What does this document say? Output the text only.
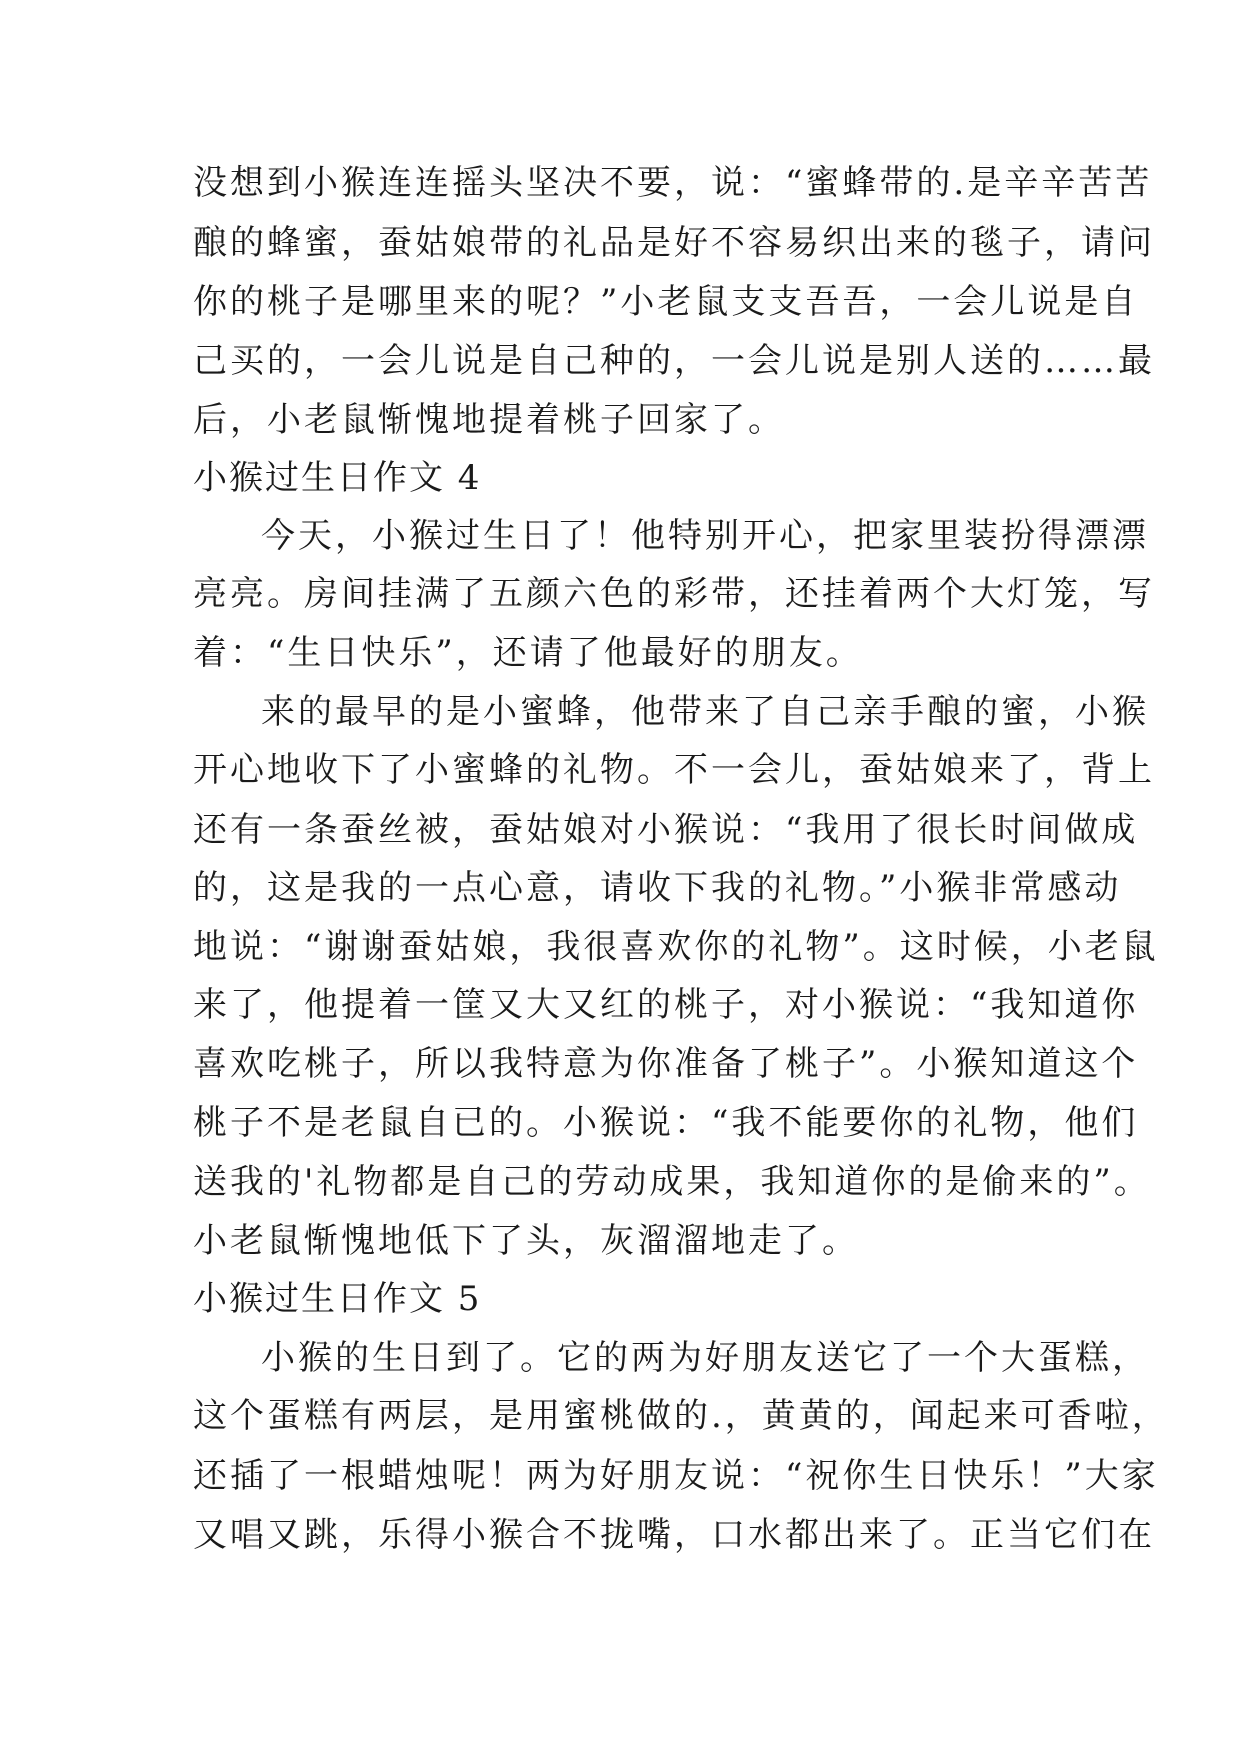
没想到小猴连连摇头坚决不要，说：“蜜蜂带的.是辛辛苦苦
酿的蜂蜜，蚕姑娘带的礼品是好不容易织出来的毯子，请问
你的桃子是哪里来的呢？”小老鼠支支吾吾，一会儿说是自
己买的，一会儿说是自己种的，一会儿说是别人送的……最
后，小老鼠惭愧地提着桃子回家了。
小猴过生日作文 4
今天，小猴过生日了！他特别开心，把家里装扮得漂漂
亮亮。房间挂满了五颜六色的彩带，还挂着两个大灯笼，写
着：“生日快乐”，还请了他最好的朋友。
来的最早的是小蜜蜂，他带来了自己亲手酿的蜜，小猴
开心地收下了小蜜蜂的礼物。不一会儿，蚕姑娘来了，背上
还有一条蚕丝被，蚕姑娘对小猴说：“我用了很长时间做成
的，这是我的一点心意，请收下我的礼物。”小猴非常感动
地说：“谢谢蚕姑娘，我很喜欢你的礼物”。这时候，小老鼠
来了，他提着一筐又大又红的桃子，对小猴说：“我知道你
喜欢吃桃子，所以我特意为你准备了桃子”。小猴知道这个
桃子不是老鼠自已的。小猴说：“我不能要你的礼物，他们
送我的'礼物都是自己的劳动成果，我知道你的是偷来的”。
小老鼠惭愧地低下了头，灰溜溜地走了。
小猴过生日作文 5
小猴的生日到了。它的两为好朋友送它了一个大蛋糕，
这个蛋糕有两层，是用蜜桃做的.，黄黄的，闻起来可香啦，
还插了一根蜡烛呢！两为好朋友说：“祝你生日快乐！”大家
又唱又跳，乐得小猴合不拢嘴，口水都出来了。正当它们在
